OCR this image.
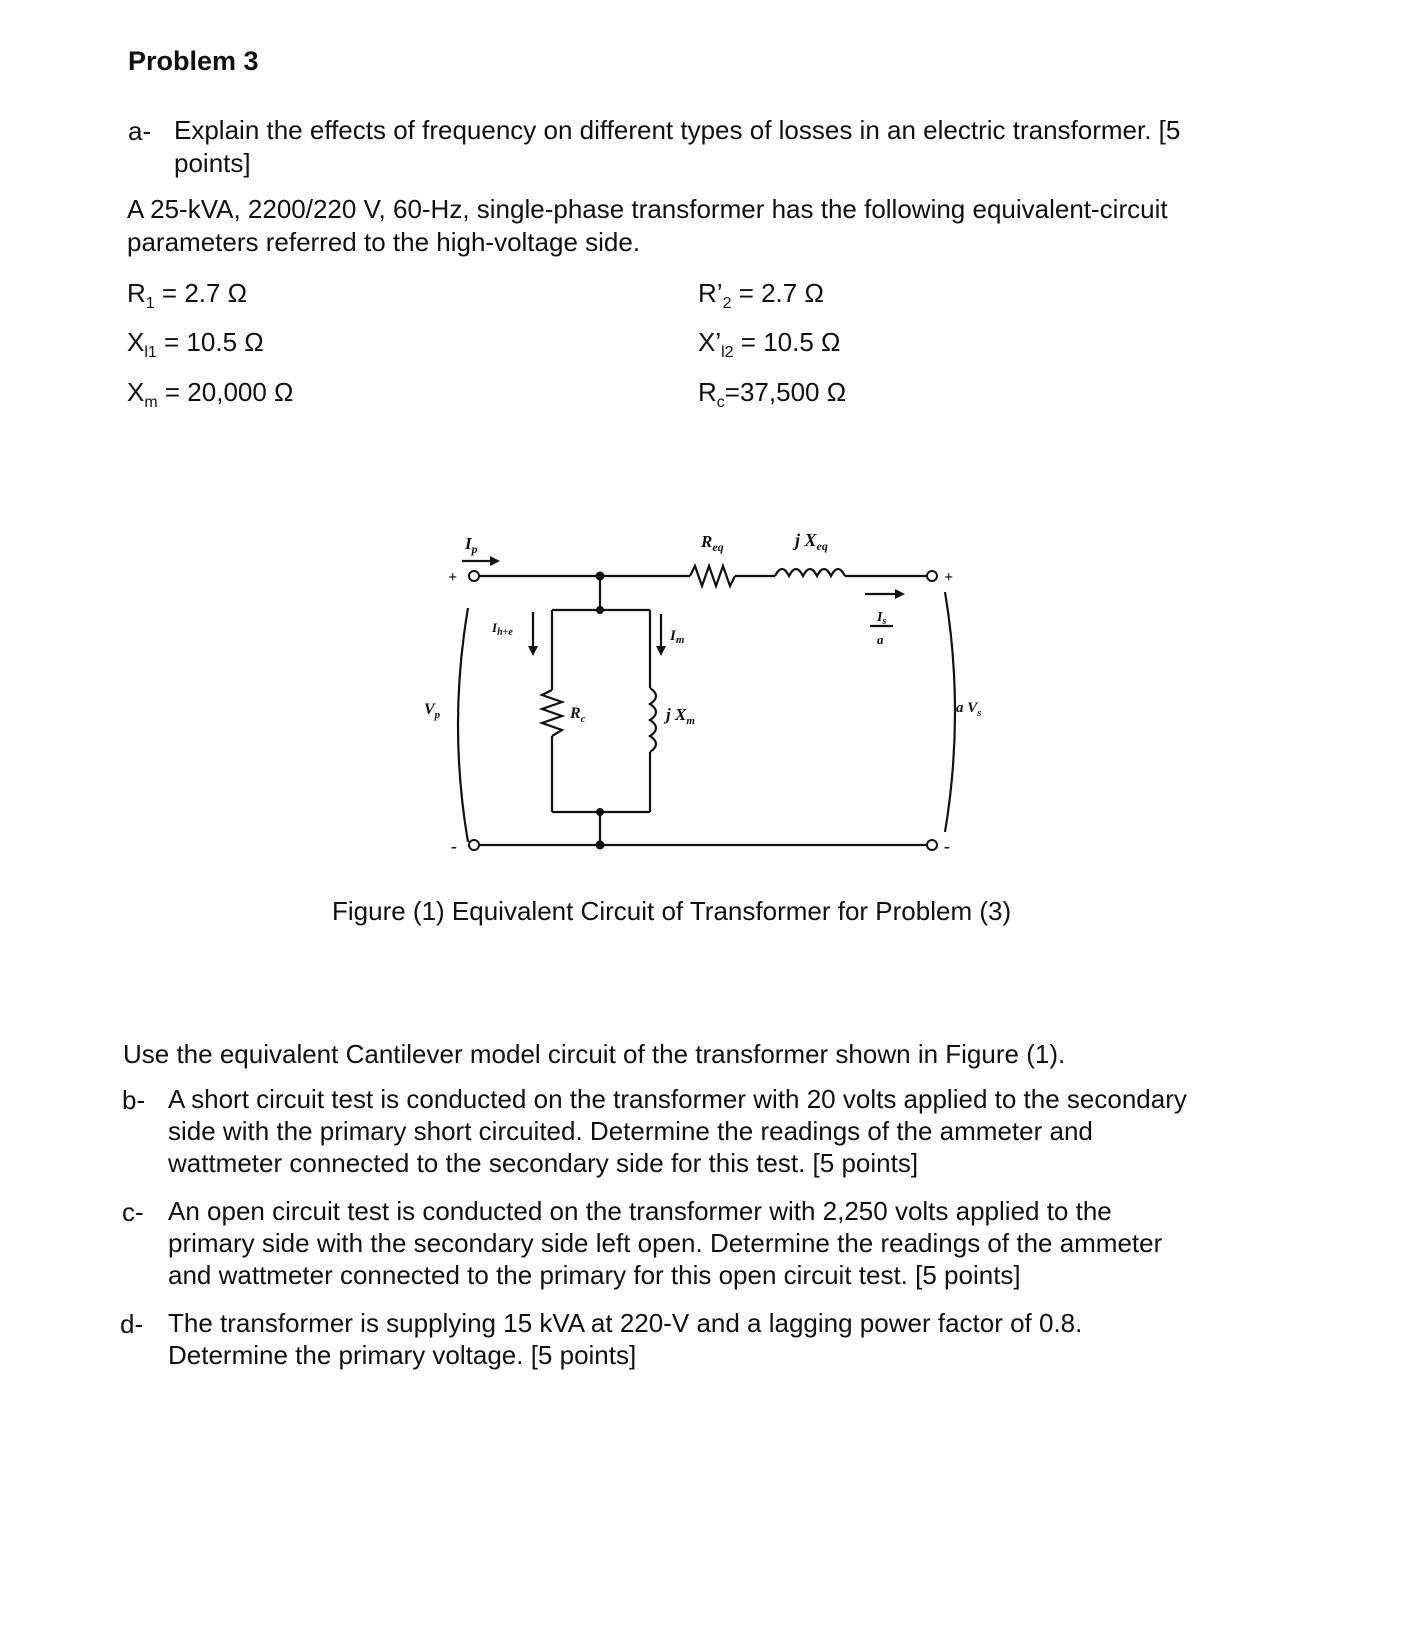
Problem 3
a- Explain the effects of frequency on different types of losses in an electric transformer. [5
points]
A 25-kVA, 2200/220 V, 60-Hz, single-phase transformer has the following equivalent-circuit
parameters referred to the high-voltage side.
$R_1 = 2.7$ Ω	$R’_2 = 2.7$ Ω
$X_{l1} = 10.5$ Ω	$X’_{l2} = 10.5$ Ω
$X_m = 20,000$ Ω	$R_c=37,500$ Ω
+
-
+
-
$I_p$	$R_{eq}$	j $X_{eq}$
$I_{h+e}$	$I_m$
$I_s$
a
$V_p$	$R_c$	j $X_m$
a $V_s$
Figure (1) Equivalent Circuit of Transformer for Problem (3)
Use the equivalent Cantilever model circuit of the transformer shown in Figure (1).
b- A short circuit test is conducted on the transformer with 20 volts applied to the secondary
side with the primary short circuited. Determine the readings of the ammeter and
wattmeter connected to the secondary side for this test. [5 points]
c- An open circuit test is conducted on the transformer with 2,250 volts applied to the
primary side with the secondary side left open. Determine the readings of the ammeter
and wattmeter connected to the primary for this open circuit test. [5 points]
d- The transformer is supplying 15 kVA at 220-V and a lagging power factor of 0.8.
Determine the primary voltage. [5 points]
